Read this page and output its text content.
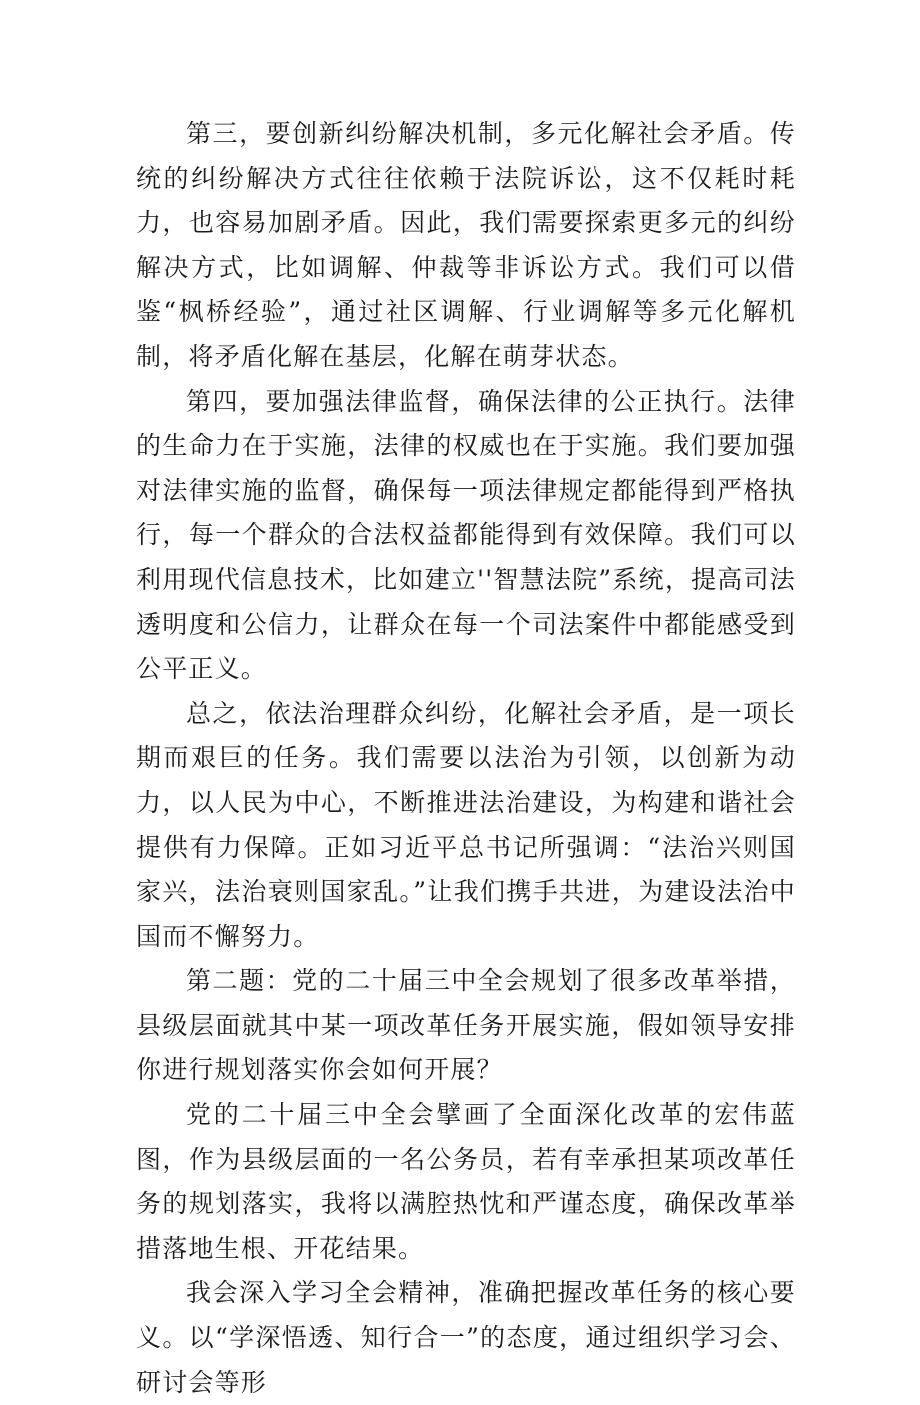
第三，要创新纠纷解决机制，多元化解社会矛盾。传统的纠纷解决方式往往依赖于法院诉讼，这不仅耗时耗力，也容易加剧矛盾。因此，我们需要探索更多元的纠纷解决方式，比如调解、仲裁等非诉讼方式。我们可以借鉴“枫桥经验”，通过社区调解、行业调解等多元化解机制，将矛盾化解在基层，化解在萌芽状态。

第四，要加强法律监督，确保法律的公正执行。法律的生命力在于实施，法律的权威也在于实施。我们要加强对法律实施的监督，确保每一项法律规定都能得到严格执行，每一个群众的合法权益都能得到有效保障。我们可以利用现代信息技术，比如建立''智慧法院”系统，提高司法透明度和公信力，让群众在每一个司法案件中都能感受到公平正义。

总之，依法治理群众纠纷，化解社会矛盾，是一项长期而艰巨的任务。我们需要以法治为引领，以创新为动力，以人民为中心，不断推进法治建设，为构建和谐社会提供有力保障。正如习近平总书记所强调：“法治兴则国家兴，法治衰则国家乱。”让我们携手共进，为建设法治中国而不懈努力。

第二题：党的二十届三中全会规划了很多改革举措，县级层面就其中某一项改革任务开展实施，假如领导安排你进行规划落实你会如何开展？

党的二十届三中全会擘画了全面深化改革的宏伟蓝图，作为县级层面的一名公务员，若有幸承担某项改革任务的规划落实，我将以满腔热忱和严谨态度，确保改革举措落地生根、开花结果。

我会深入学习全会精神，准确把握改革任务的核心要义。以“学深悟透、知行合一”的态度，通过组织学习会、研讨会等形
